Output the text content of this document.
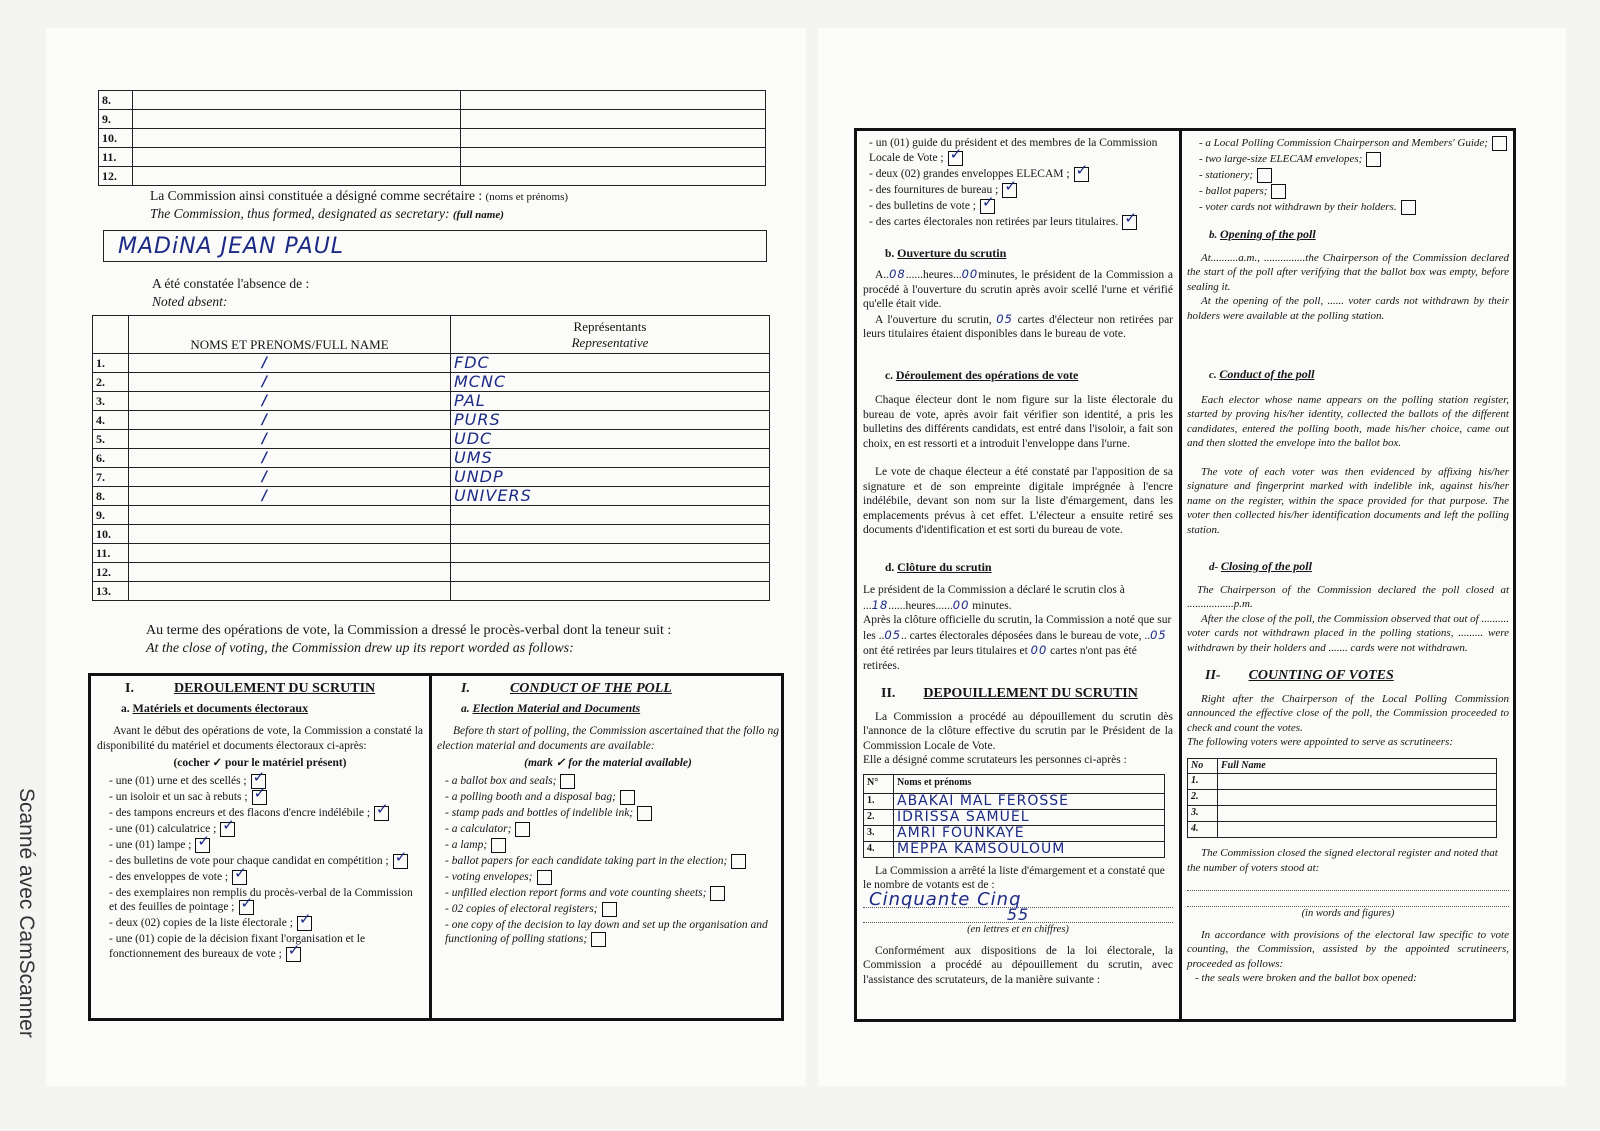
Scanné avec CamScanner
8.		
9.		
10.		
11.		
12.		
La Commission ainsi constituée a désigné comme secrétaire : (noms et prénoms)
The Commission, thus formed, designated as secretary: (full name)
MADiNA JEAN PAUL
A été constatée l'absence de :
Noted absent:
	NOMS ET PRENOMS/FULL NAME	Représentants
Representative

1.	/	FDC
2.	/	MCNC
3.	/	PAL
4.	/	PURS
5.	/	UDC
6.	/	UMS
7.	/	UNDP
8.	/	UNIVERS
9.		
10.		
11.		
12.		
13.		
Au terme des opérations de vote, la Commission a dressé le procès-verbal dont la teneur suit :
At the close of voting, the Commission drew up its report worded as follows:
I.	DEROULEMENT DU SCRUTIN
a. Matériels et documents électoraux
Avant le début des opérations de vote, la Commission a constaté la disponibilité du matériel et documents électoraux ci-après:
(cocher ✓ pour le matériel présent)
- une (01) urne et des scellés ;✓
- un isoloir et un sac à rebuts ;✓
- des tampons encreurs et des flacons d'encre indélébile ;✓
- une (01) calculatrice ;✓
- une (01) lampe ;✓
- des bulletins de vote pour chaque candidat en compétition ;✓
- des enveloppes de vote ;✓
- des exemplaires non remplis du procès-verbal de la Commission et des feuilles de pointage ;✓
- deux (02) copies de la liste électorale ;✓
- une (01) copie de la décision fixant l'organisation et le fonctionnement des bureaux de vote ;✓
I.	CONDUCT OF THE POLL
a. Election Material and Documents
Before th start of polling, the Commission ascertained that the follo ng election material and documents are available:
(mark ✓ for the material available)
- a ballot box and seals;
- a polling booth and a disposal bag;
- stamp pads and bottles of indelible ink;
- a calculator;
- a lamp;
- ballot papers for each candidate taking part in the election;
- voting envelopes;
- unfilled election report forms and vote counting sheets;
- 02 copies of electoral registers;
- one copy of the decision to lay down and set up the organisation and functioning of polling stations;
- un (01) guide du président et des membres de la Commission Locale de Vote ;✓
- deux (02) grandes enveloppes ELECAM ;✓
- des fournitures de bureau ;✓
- des bulletins de vote ;✓
- des cartes électorales non retirées par leurs titulaires.✓
b. Ouverture du scrutin

A..08......heures...00minutes, le président de la Commission a procédé à l'ouverture du scrutin après avoir scellé l'urne et vérifié qu'elle était vide.

A l'ouverture du scrutin, 05 cartes d'électeur non retirées par leurs titulaires étaient disponibles dans le bureau de vote.

c. Déroulement des opérations de vote

Chaque électeur dont le nom figure sur la liste électorale du bureau de vote, après avoir fait vérifier son identité, a pris les bulletins des différents candidats, est entré dans l'isoloir, a fait son choix, en est ressorti et a introduit l'enveloppe dans l'urne.

Le vote de chaque électeur a été constaté par l'apposition de sa signature et de son empreinte digitale imprégnée à l'encre indélébile, devant son nom sur la liste d'émargement, dans les emplacements prévus à cet effet. L'électeur a ensuite retiré ses documents d'identification et est sorti du bureau de vote.

d. Clôture du scrutin

Le président de la Commission a déclaré le scrutin clos à ...18......heures......00 minutes.

Après la clôture officielle du scrutin, la Commission a noté que sur les ..05.. cartes électorales déposées dans le bureau de vote, ..05 ont été retirées par leurs titulaires et 00 cartes n'ont pas été retirées.

II. DEPOUILLEMENT DU SCRUTIN

La Commission a procédé au dépouillement du scrutin dès l'annonce de la clôture effective du scrutin par le Président de la Commission Locale de Vote.

Elle a désigné comme scrutateurs les personnes ci-après :

N°	Noms et prénoms
1.	ABAKAI MAL FEROSSE
2.	IDRISSA SAMUEL
3.	AMRI FOUNKAYE
4.	MEPPA KAMSOULOUM

La Commission a arrêté la liste d'émargement et a constaté que le nombre de votants est de :

Cinquante Cinq
55
(en lettres et en chiffres)

Conformément aux dispositions de la loi électorale, la Commission a procédé au dépouillement du scrutin, avec l'assistance des scrutateurs, de la manière suivante :

- a Local Polling Commission Chairperson and Members' Guide;
- two large-size ELECAM envelopes;
- stationery;
- ballot papers;
- voter cards not withdrawn by their holders.
b. Opening of the poll

At..........a.m., ...............the Chairperson of the Commission declared the start of the poll after verifying that the ballot box was empty, before sealing it.

At the opening of the poll, ...... voter cards not withdrawn by their holders were available at the polling station.

c. Conduct of the poll

Each elector whose name appears on the polling station register, started by proving his/her identity, collected the ballots of the different candidates, entered the polling booth, made his/her choice, came out and then slotted the envelope into the ballot box.

The vote of each voter was then evidenced by affixing his/her signature and fingerprint marked with indelible ink, against his/her name on the register, within the space provided for that purpose. The voter then collected his/her identification documents and left the polling station.

d- Closing of the poll

The Chairperson of the Commission declared the poll closed at .................p.m.

After the close of the poll, the Commission observed that out of .......... voter cards not withdrawn placed in the polling stations, ......... were withdrawn by their holders and ....... cards were not withdrawn.

II- COUNTING OF VOTES

Right after the Chairperson of the Local Polling Commission announced the effective close of the poll, the Commission proceeded to check and count the votes.

The following voters were appointed to serve as scrutineers:

No	Full Name
1.	
2.	
3.	
4.	

The Commission closed the signed electoral register and noted that the number of voters stood at:

(in words and figures)

In accordance with provisions of the electoral law specific to vote counting, the Commission, assisted by the appointed scrutineers, proceeded as follows:

- the seals were broken and the ballot box opened:
